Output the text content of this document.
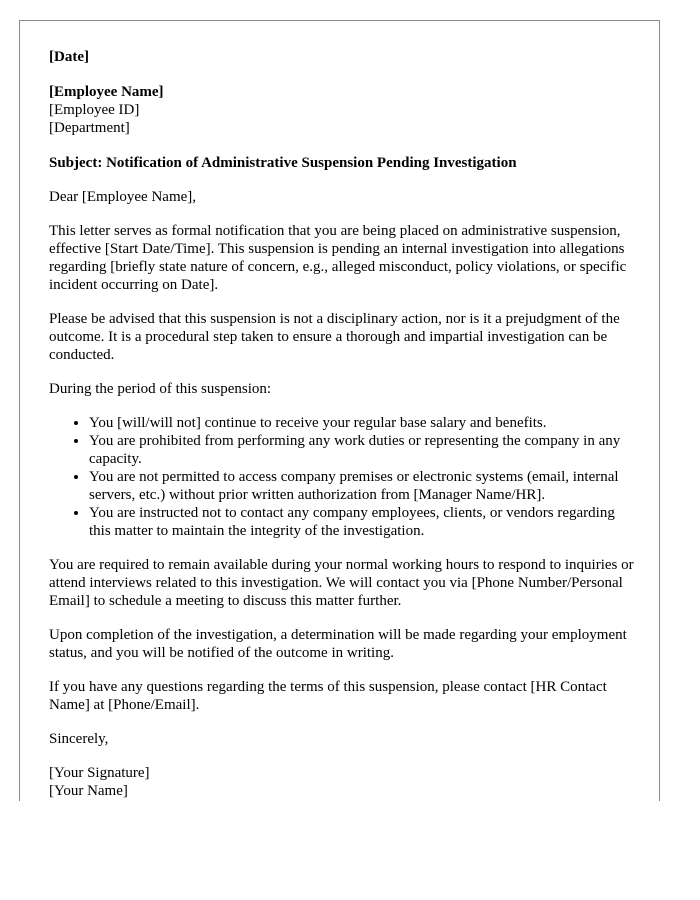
[Date]
[Employee Name]
[Employee ID]
[Department]
Subject: Notification of Administrative Suspension Pending Investigation
Dear [Employee Name],
This letter serves as formal notification that you are being placed on administrative suspension, effective [Start Date/Time]. This suspension is pending an internal investigation into allegations regarding [briefly state nature of concern, e.g., alleged misconduct, policy violations, or specific incident occurring on Date].
Please be advised that this suspension is not a disciplinary action, nor is it a prejudgment of the outcome. It is a procedural step taken to ensure a thorough and impartial investigation can be conducted.
During the period of this suspension:
• You [will/will not] continue to receive your regular base salary and benefits.
• You are prohibited from performing any work duties or representing the company in any capacity.
• You are not permitted to access company premises or electronic systems (email, internal servers, etc.) without prior written authorization from [Manager Name/HR].
• You are instructed not to contact any company employees, clients, or vendors regarding this matter to maintain the integrity of the investigation.
You are required to remain available during your normal working hours to respond to inquiries or attend interviews related to this investigation. We will contact you via [Phone Number/Personal Email] to schedule a meeting to discuss this matter further.
Upon completion of the investigation, a determination will be made regarding your employment status, and you will be notified of the outcome in writing.
If you have any questions regarding the terms of this suspension, please contact [HR Contact Name] at [Phone/Email].
Sincerely,
[Your Signature]
[Your Name]
